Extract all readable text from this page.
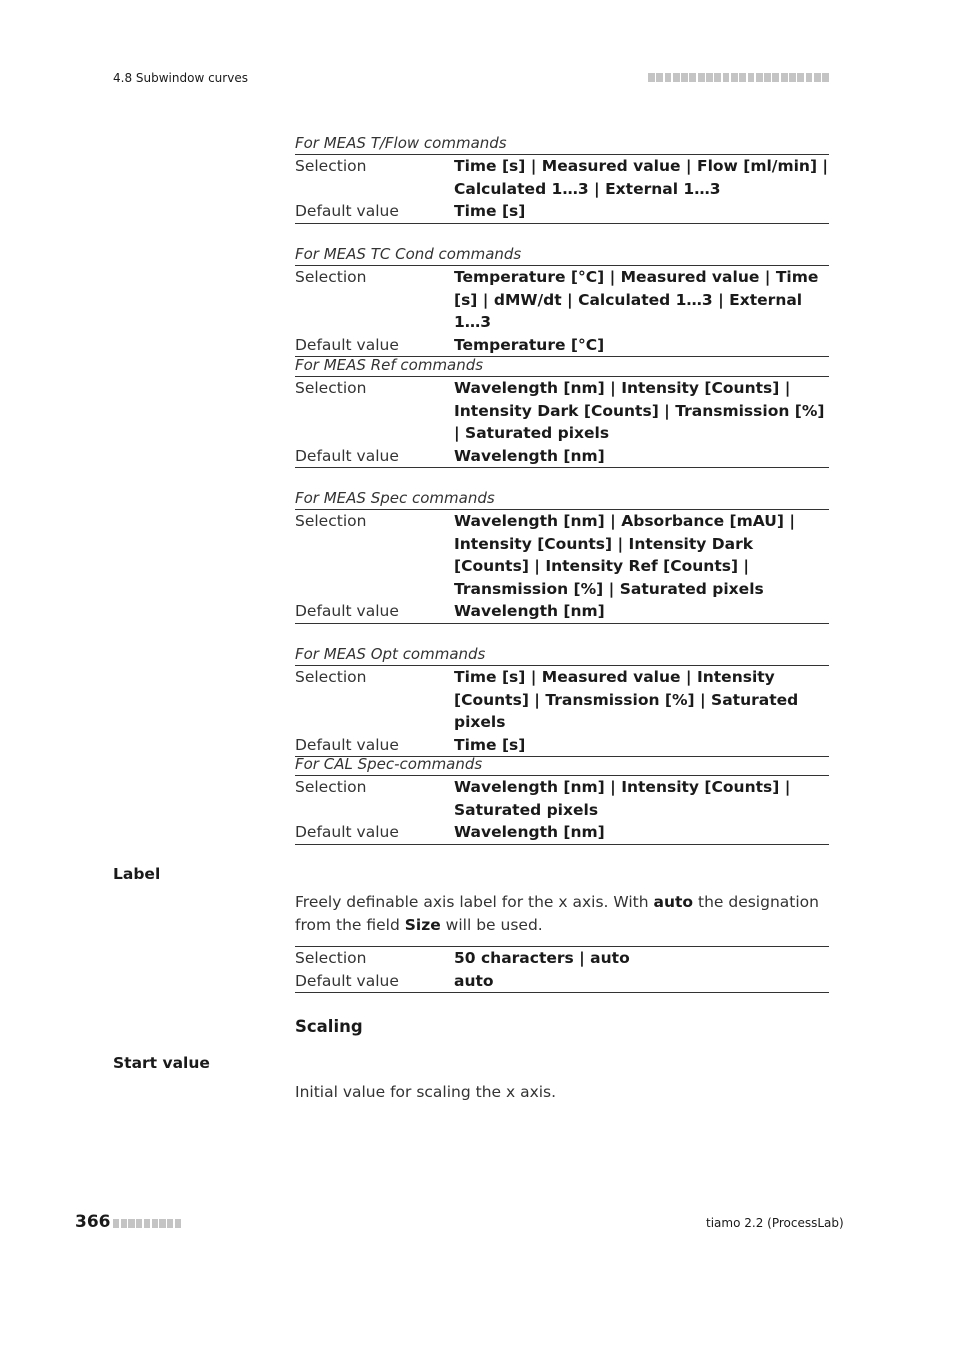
4.8 Subwindow curves
For MEAS T/Flow commands
Selection	Time [s] | Measured value | Flow [ml/min] | Calculated 1…3 | External 1…3
Default value	Time [s]
For MEAS TC Cond commands
Selection	Temperature [°C] | Measured value | Time [s] | dMW/dt | Calculated 1…3 | External 1…3
Default value	Temperature [°C]
For MEAS Ref commands
Selection	Wavelength [nm] | Intensity [Counts] | Intensity Dark [Counts] | Transmission [%] | Saturated pixels
Default value	Wavelength [nm]
For MEAS Spec commands
Selection	Wavelength [nm] | Absorbance [mAU] | Intensity [Counts] | Intensity Dark [Counts] | Intensity Ref [Counts] | Transmission [%] | Saturated pixels
Default value	Wavelength [nm]
For MEAS Opt commands
Selection	Time [s] | Measured value | Intensity [Counts] | Transmission [%] | Saturated pixels
Default value	Time [s]
For CAL Spec-commands
Selection	Wavelength [nm] | Intensity [Counts] | Saturated pixels
Default value	Wavelength [nm]
Label
Freely definable axis label for the x axis. With auto the designation from the field Size will be used.
Selection	50 characters | auto
Default value	auto
Scaling
Start value
Initial value for scaling the x axis.
366	tiamo 2.2 (ProcessLab)
